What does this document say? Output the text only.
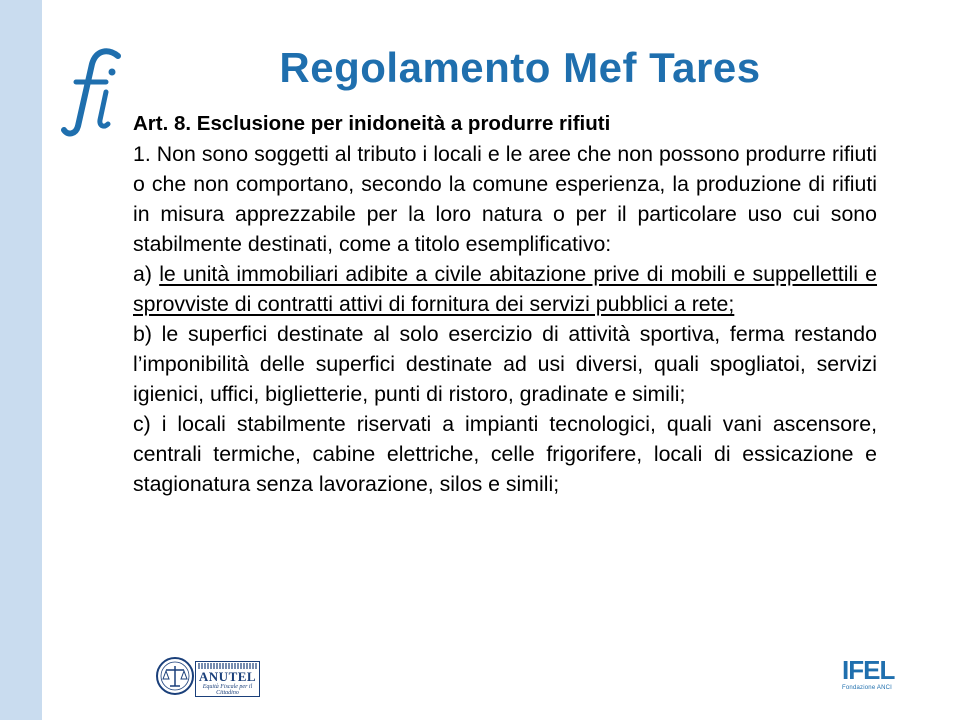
Regolamento Mef Tares

Art. 8. Esclusione per inidoneità a produrre rifiuti

1. Non sono soggetti al tributo i locali e le aree che non possono produrre rifiuti o che non comportano, secondo la comune esperienza, la produzione di rifiuti in misura apprezzabile per la loro natura o per il particolare uso cui sono stabilmente destinati, come a titolo esemplificativo:

a) le unità immobiliari adibite a civile abitazione prive di mobili e suppellettili e sprovviste di contratti attivi di fornitura dei servizi pubblici a rete;

b) le superfici destinate al solo esercizio di attività sportiva, ferma restando l’imponibilità delle superfici destinate ad usi diversi, quali spogliatoi, servizi igienici, uffici, biglietterie, punti di ristoro, gradinate e simili;

c) i locali stabilmente riservati a impianti tecnologici, quali vani ascensore, centrali termiche, cabine elettriche, celle frigorifere, locali di essicazione e stagionatura senza lavorazione, silos e simili;

ANUTEL
Equità Fiscale per il Cittadino
IFEL
Fondazione ANCI
